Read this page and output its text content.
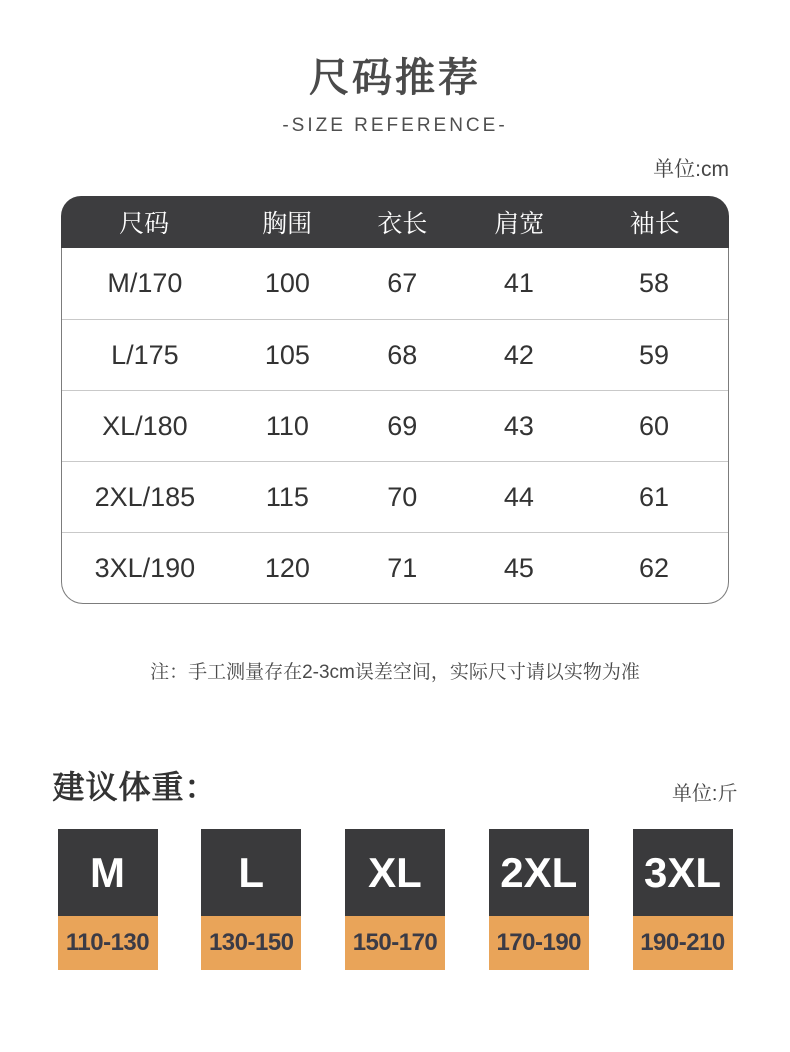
尺码推荐
-SIZE REFERENCE-
单位:cm
尺码	胸围	衣长	肩宽	袖长
M/170	100	67	41	58
L/175	105	68	42	59
XL/180	110	69	43	60
2XL/185	115	70	44	61
3XL/190	120	71	45	62

注：手工测量存在2-3cm误差空间，实际尺寸请以实物为准

建议体重：	单位:斤
M
110-130
L
130-150
XL
150-170
2XL
170-190
3XL
190-210
